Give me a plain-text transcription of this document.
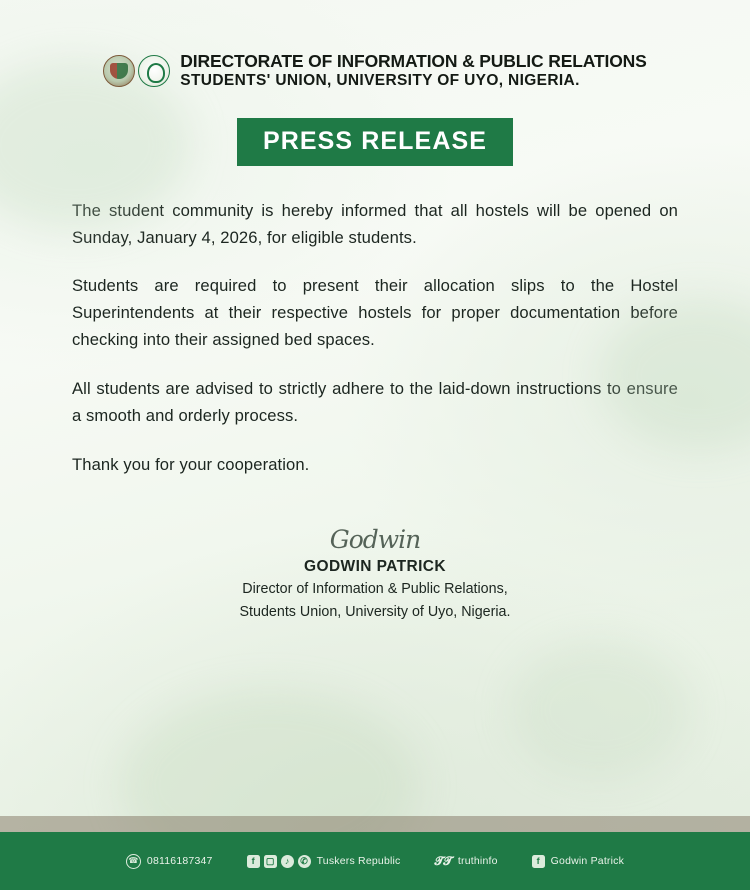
DIRECTORATE OF INFORMATION & PUBLIC RELATIONS
STUDENTS' UNION, UNIVERSITY OF UYO, NIGERIA.
PRESS RELEASE

The student community is hereby informed that all hostels will be opened on Sunday, January 4, 2026, for eligible students.

Students are required to present their allocation slips to the Hostel Superintendents at their respective hostels for proper documentation before checking into their assigned bed spaces.

All students are advised to strictly adhere to the laid-down instructions to ensure a smooth and orderly process.

Thank you for your cooperation.

Godwin
GODWIN PATRICK
Director of Information & Public Relations,
Students Union, University of Uyo, Nigeria.
☎ 08116187347	f	▢	♪	✆ Tuskers Republic	𝓣𝓣 truthinfo	f	Godwin Patrick
